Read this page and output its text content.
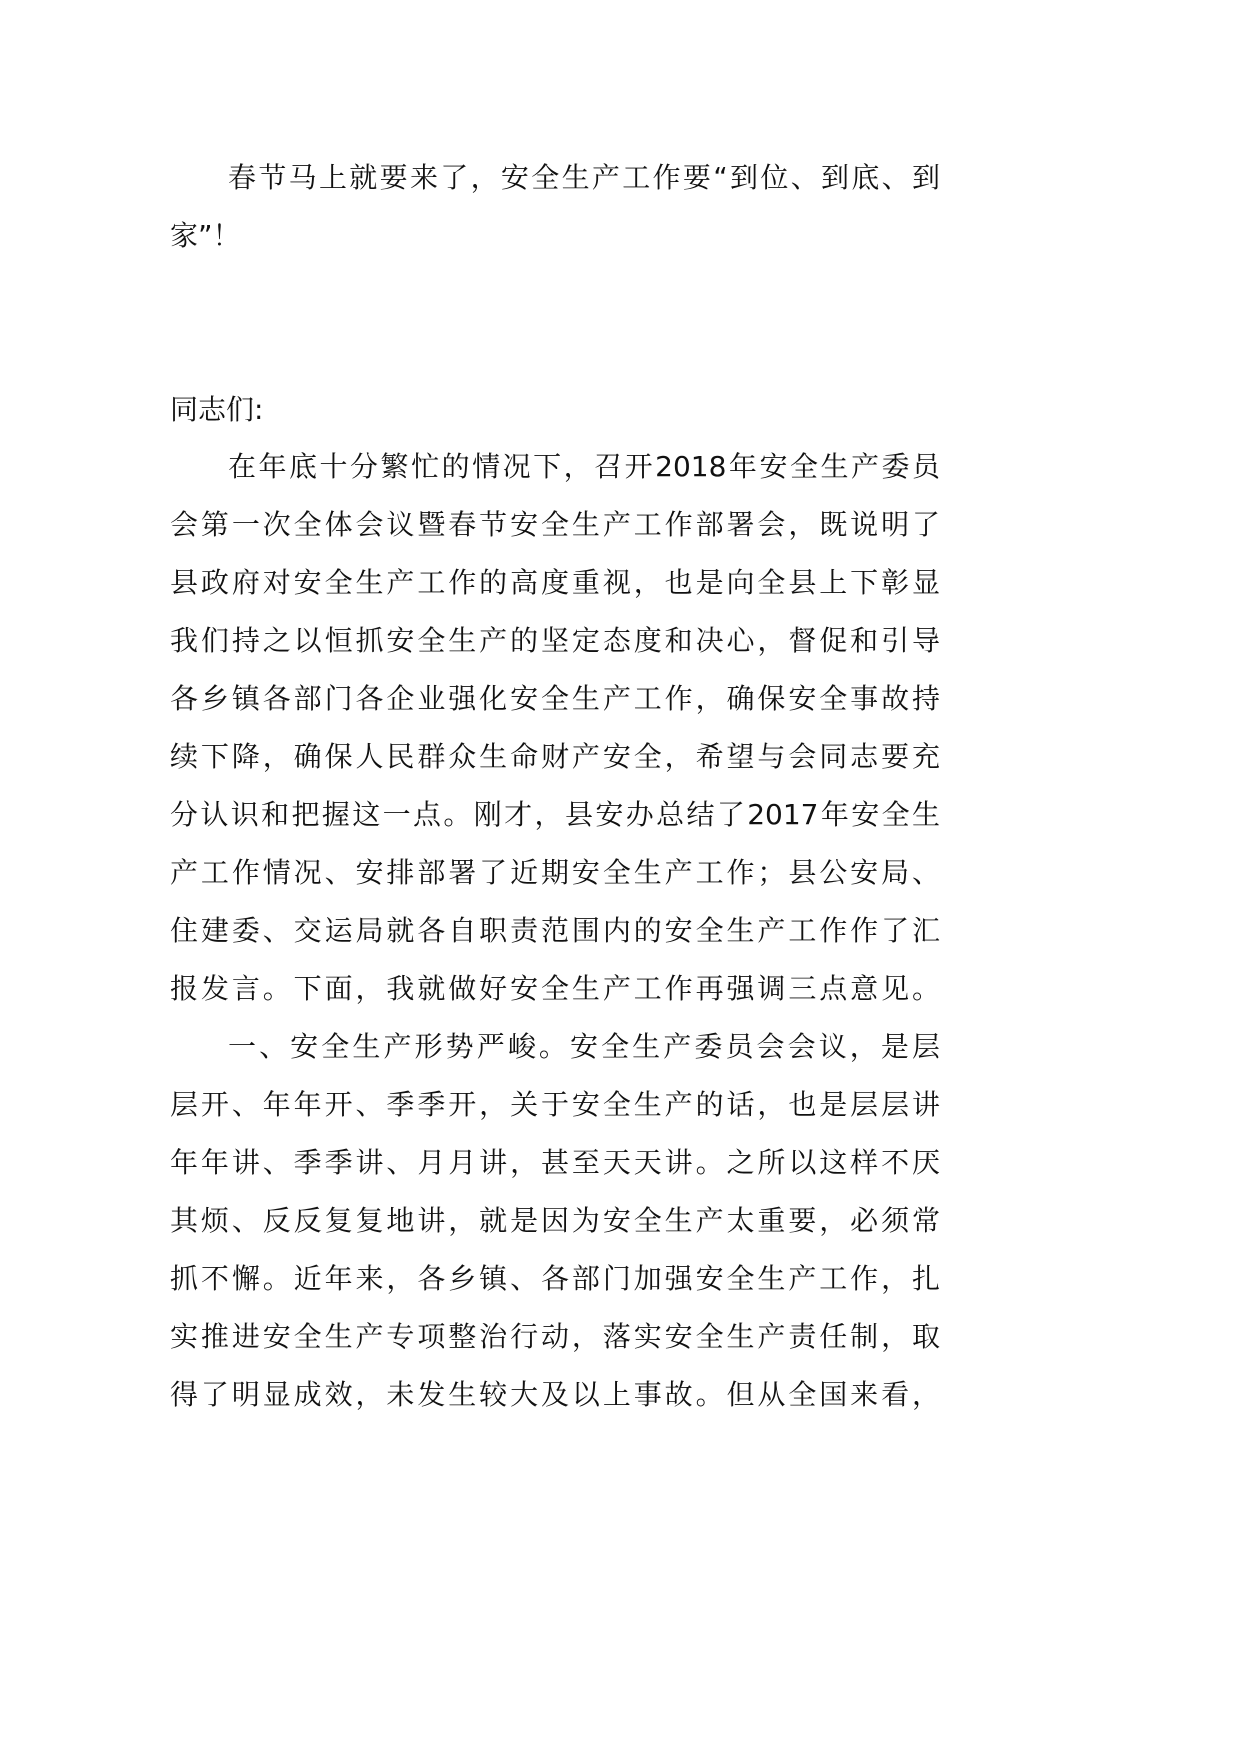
春节马上就要来了，安全生产工作要“到位、到底、到
家”！
同志们:
在年底十分繁忙的情况下，召开2018年安全生产委员
会第一次全体会议暨春节安全生产工作部署会，既说明了
县政府对安全生产工作的高度重视，也是向全县上下彰显
我们持之以恒抓安全生产的坚定态度和决心，督促和引导
各乡镇各部门各企业强化安全生产工作，确保安全事故持
续下降，确保人民群众生命财产安全，希望与会同志要充
分认识和把握这一点。刚才，县安办总结了2017年安全生
产工作情况、安排部署了近期安全生产工作；县公安局、
住建委、交运局就各自职责范围内的安全生产工作作了汇
报发言。下面，我就做好安全生产工作再强调三点意见。
一、安全生产形势严峻。安全生产委员会会议，是层
层开、年年开、季季开，关于安全生产的话，也是层层讲
年年讲、季季讲、月月讲，甚至天天讲。之所以这样不厌
其烦、反反复复地讲，就是因为安全生产太重要，必须常
抓不懈。近年来，各乡镇、各部门加强安全生产工作，扎
实推进安全生产专项整治行动，落实安全生产责任制，取
得了明显成效，未发生较大及以上事故。但从全国来看，
